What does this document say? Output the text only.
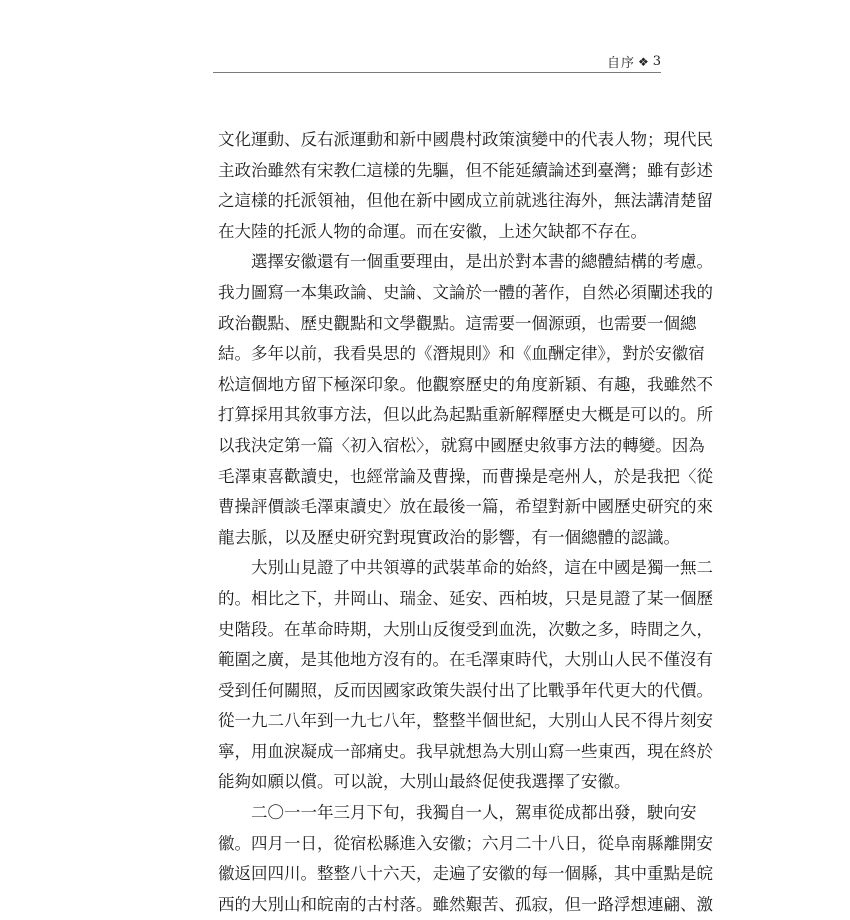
自序 ❖ 3
文化運動、反右派運動和新中國農村政策演變中的代表人物；現代民
主政治雖然有宋教仁這樣的先驅，但不能延續論述到臺灣；雖有彭述
之這樣的托派領袖，但他在新中國成立前就逃往海外，無法講清楚留
在大陸的托派人物的命運。而在安徽，上述欠缺都不存在。
選擇安徽還有一個重要理由，是出於對本書的總體結構的考慮。
我力圖寫一本集政論、史論、文論於一體的著作，自然必須闡述我的
政治觀點、歷史觀點和文學觀點。這需要一個源頭，也需要一個總
結。多年以前，我看吳思的《潛規則》和《血酬定律》，對於安徽宿
松這個地方留下極深印象。他觀察歷史的角度新穎、有趣，我雖然不
打算採用其敘事方法，但以此為起點重新解釋歷史大概是可以的。所
以我決定第一篇〈初入宿松〉，就寫中國歷史敘事方法的轉變。因為
毛澤東喜歡讀史，也經常論及曹操，而曹操是亳州人，於是我把〈從
曹操評價談毛澤東讀史〉放在最後一篇，希望對新中國歷史研究的來
龍去脈，以及歷史研究對現實政治的影響，有一個總體的認識。
大別山見證了中共領導的武裝革命的始終，這在中國是獨一無二
的。相比之下，井岡山、瑞金、延安、西柏坡，只是見證了某一個歷
史階段。在革命時期，大別山反復受到血洗，次數之多，時間之久，
範圍之廣，是其他地方沒有的。在毛澤東時代，大別山人民不僅沒有
受到任何關照，反而因國家政策失誤付出了比戰爭年代更大的代價。
從一九二八年到一九七八年，整整半個世紀，大別山人民不得片刻安
寧，用血淚凝成一部痛史。我早就想為大別山寫一些東西，現在終於
能夠如願以償。可以說，大別山最終促使我選擇了安徽。
二〇一一年三月下旬，我獨自一人，駕車從成都出發，駛向安
徽。四月一日，從宿松縣進入安徽；六月二十八日，從阜南縣離開安
徽返回四川。整整八十六天，走遍了安徽的每一個縣，其中重點是皖
西的大別山和皖南的古村落。雖然艱苦、孤寂，但一路浮想連翩、激
